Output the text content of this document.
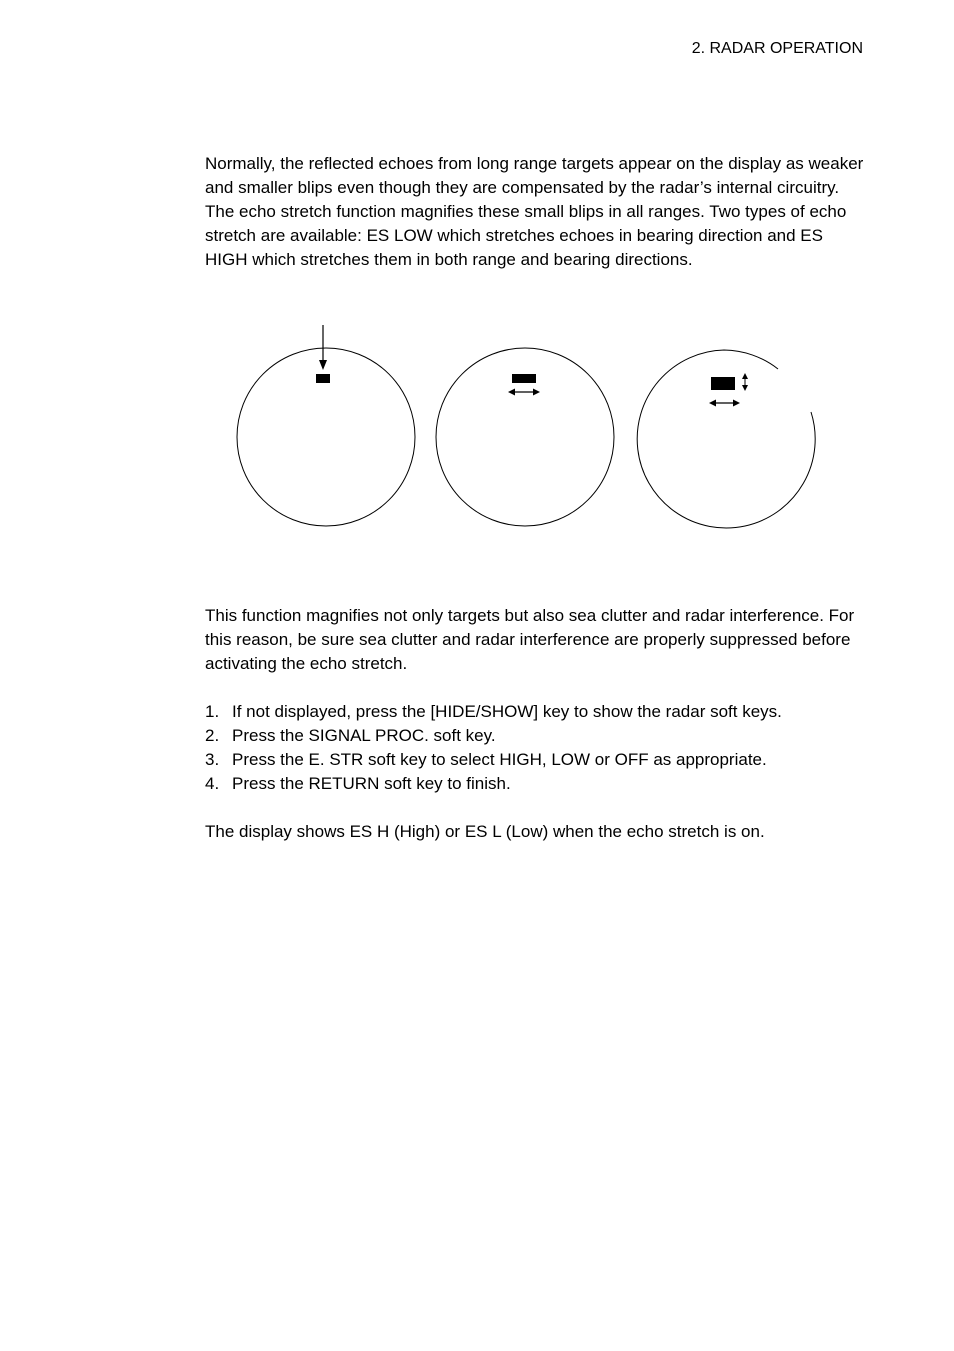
2. RADAR OPERATION

Normally, the reflected echoes from long range targets appear on the display as weaker and smaller blips even though they are compensated by the radar’s internal circuitry. The echo stretch function magnifies these small blips in all ranges. Two types of echo stretch are available: ES LOW which stretches echoes in bearing direction and ES HIGH which stretches them in both range and bearing directions.

This function magnifies not only targets but also sea clutter and radar interference. For this reason, be sure sea clutter and radar interference are properly suppressed before activating the echo stretch.

1. If not displayed, press the [HIDE/SHOW] key to show the radar soft keys.
2. Press the SIGNAL PROC. soft key.
3. Press the E. STR soft key to select HIGH, LOW or OFF as appropriate.
4. Press the RETURN soft key to finish.

The display shows ES H (High) or ES L (Low) when the echo stretch is on.
